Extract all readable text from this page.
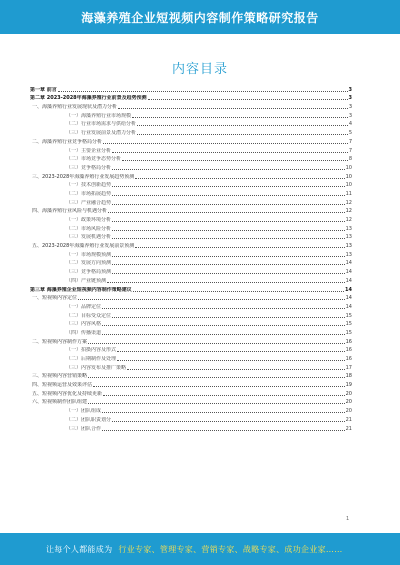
海藻养殖企业短视频内容制作策略研究报告
内容目录
第一章 前言	3
第二章 2023-2028年海藻养殖行业前景及趋势预测	3
一、海藻养殖行业发展现状及潜力分析	3
（一）海藻养殖行业市场规模	3
（二）行业市场需求与供给分析	4
（三）行业发展前景及潜力分析	5
二、海藻养殖行业竞争格局分析	7
（一）主要企业分析	7
（二）市场竞争态势分析	8
（三）竞争格局分析	10
三、2023-2028年海藻养殖行业发展趋势预测	10
（一）技术创新趋势	10
（二）市场拓展趋势	11
（三）产业融合趋势	12
四、海藻养殖行业风险与机遇分析	12
（一）政策环境分析	12
（二）市场风险分析	13
（三）发展机遇分析	13
五、2023-2028年海藻养殖行业发展前景预测	13
（一）市场规模预测	13
（二）发展方向预测	14
（三）竞争格局预测	14
（四）产业链预测	14
第三章 海藻养殖企业短视频内容制作策略建议	14
一、短视频内容定位	14
（一）品牌定位	14
（二）目标受众定位	15
（三）内容风格	15
（四）传播渠道	15
二、短视频内容制作方案	16
（一）拍摄内容及形式	16
（二）后期制作及处理	16
（三）内容发布及推广策略	17
三、短视频内容营销策略	18
四、短视频运营及效果评估	19
五、短视频内容优化及持续更新	20
六、短视频制作团队组建	20
（一）团队组成	20
（二）团队职责划分	21
（三）团队合作	21
1
让每个人都能成为 行业专家、管理专家、营销专家、战略专家、成功企业家……
